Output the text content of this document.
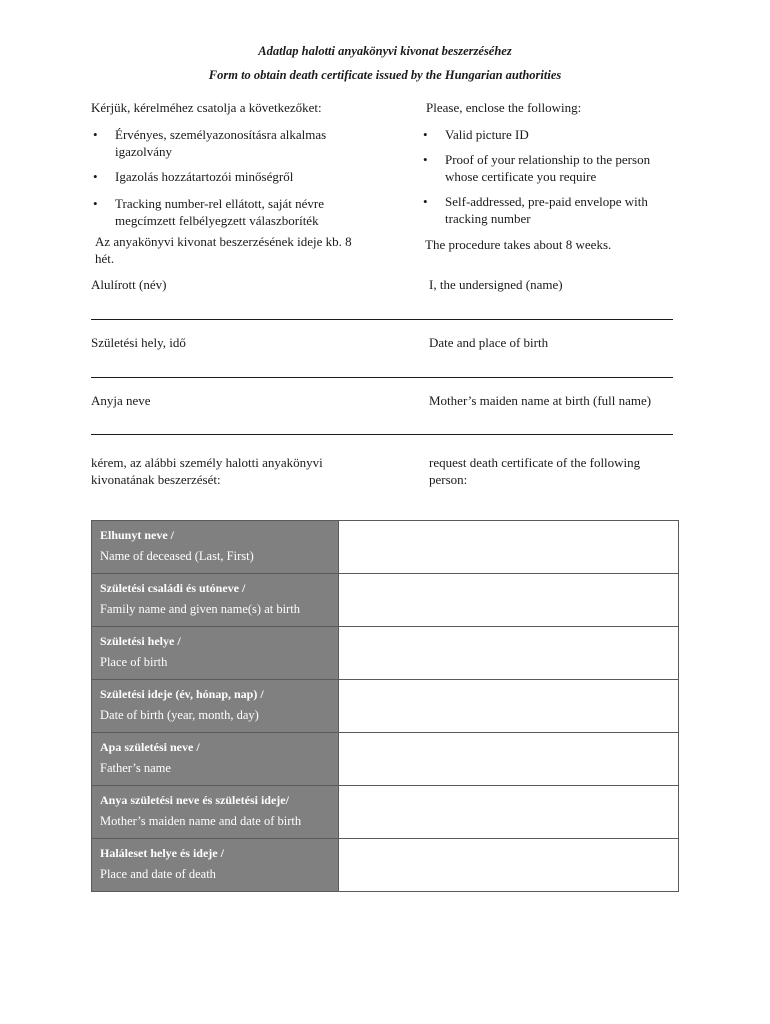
Adatlap halotti anyakönyvi kivonat beszerzéséhez
Form to obtain death certificate issued by the Hungarian authorities
Kérjük, kérelméhez csatolja a következőket:	Please, enclose the following:
• Érvényes, személyazonosításra alkalmas igazolvány
• Igazolás hozzátartozói minőségről
• Tracking number-rel ellátott, saját névre megcímzett felbélyegzett válaszboríték
• Valid picture ID
• Proof of your relationship to the person whose certificate you require
• Self-addressed, pre-paid envelope with tracking number
Az anyakönyvi kivonat beszerzésének ideje kb. 8 hét.
The procedure takes about 8 weeks.
Alulírott (név)	I, the undersigned (name)
Születési hely, idő	Date and place of birth
Anyja neve	Mother’s maiden name at birth (full name)
kérem, az alábbi személy halotti anyakönyvi kivonatának beszerzését:
request death certificate of the following person:
Elhunyt neve /
Name of deceased (Last, First)	

Születési családi és utóneve /
Family name and given name(s) at birth	

Születési helye /
Place of birth	

Születési ideje (év, hónap, nap) /
Date of birth (year, month, day)	

Apa születési neve /
Father’s name	

Anya születési neve és születési ideje/
Mother’s maiden name and date of birth	

Haláleset helye és ideje /
Place and date of death	
